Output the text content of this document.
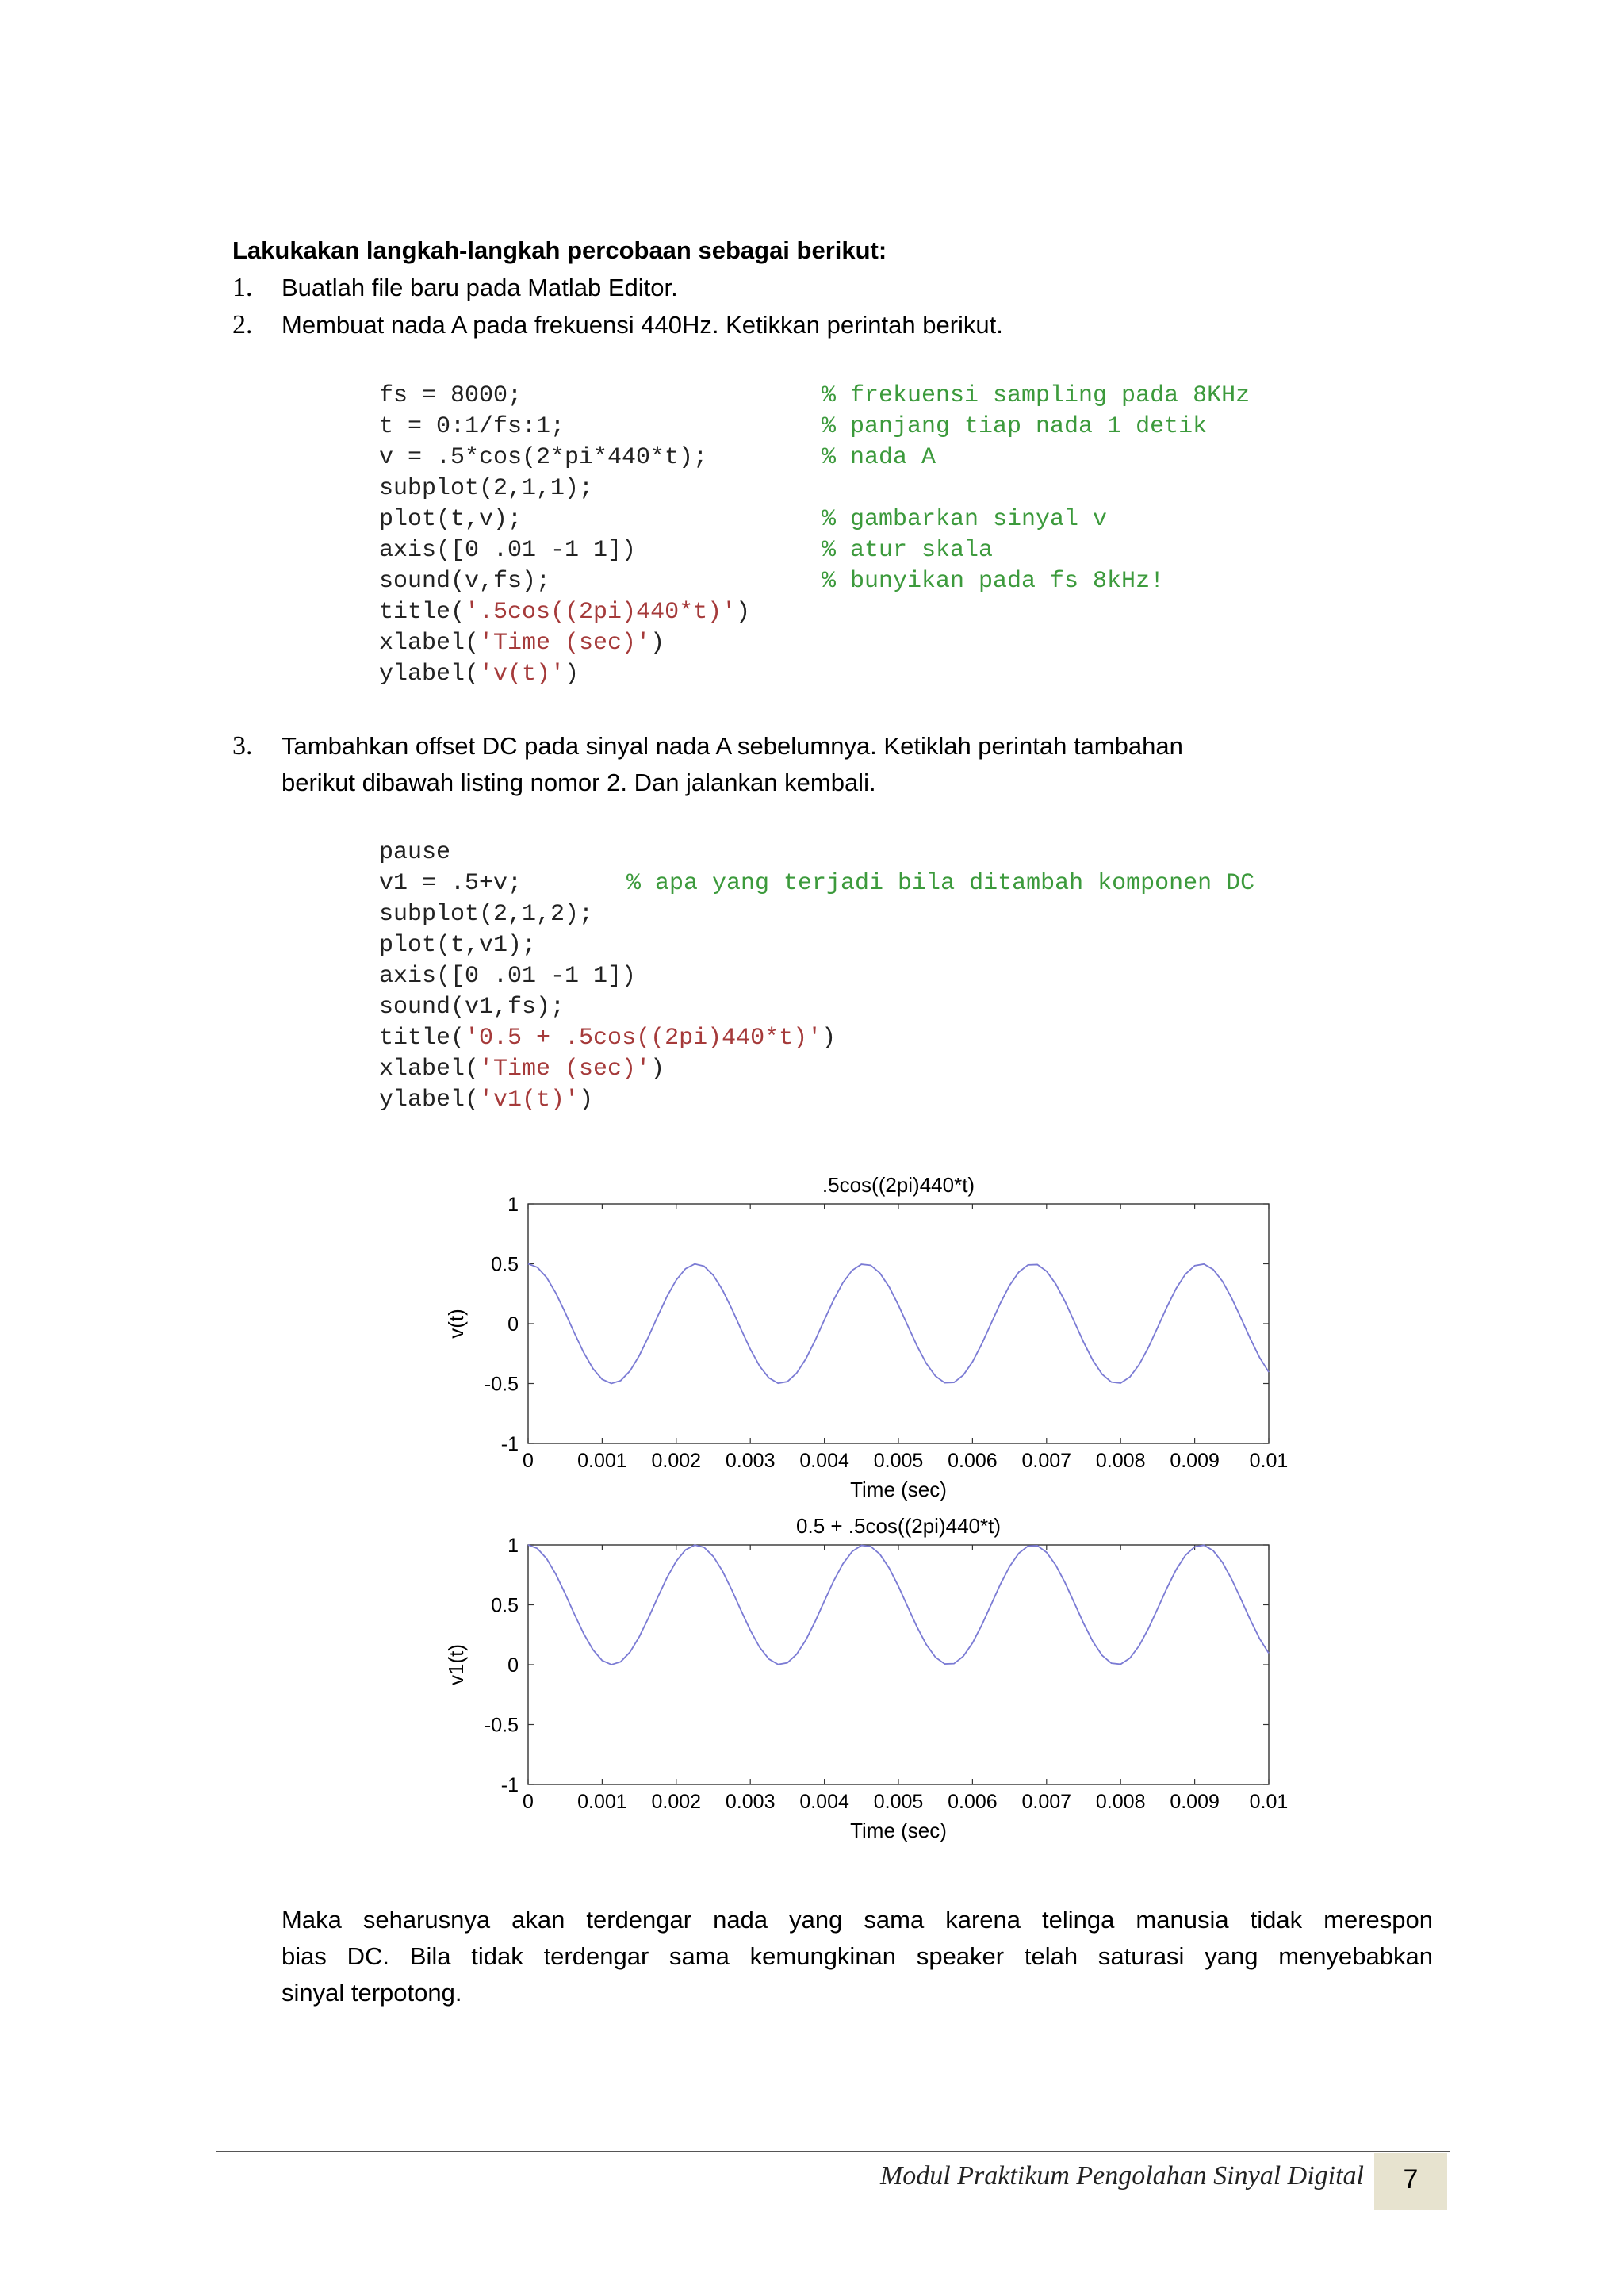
Lakukakan langkah-langkah percobaan sebagai berikut:
1. Buatlah file baru pada Matlab Editor.
2. Membuat nada A pada frekuensi 440Hz. Ketikkan perintah berikut.
fs = 8000;	% frekuensi sampling pada 8KHz
t = 0:1/fs:1;	% panjang tiap nada 1 detik
v = .5*cos(2*pi*440*t);	% nada A
subplot(2,1,1);
plot(t,v);	% gambarkan sinyal v
axis([0 .01 -1 1])	% atur skala
sound(v,fs);	% bunyikan pada fs 8kHz!
title('.5cos((2pi)440*t)')
xlabel('Time (sec)')
ylabel('v(t)')
3. Tambahkan offset DC pada sinyal nada A sebelumnya. Ketiklah perintah tambahan
berikut dibawah listing nomor 2. Dan jalankan kembali.
pause
v1 = .5+v;	% apa yang terjadi bila ditambah komponen DC
subplot(2,1,2);
plot(t,v1);
axis([0 .01 -1 1])
sound(v1,fs);
title('0.5 + .5cos((2pi)440*t)')
xlabel('Time (sec)')
ylabel('v1(t)')
0 0.001 0.002 0.003 0.004 0.005 0.006 0.007 0.008 0.009 0.01
1
0.5
0
-0.5
-1
.5cos((2pi)440*t)
Time (sec)
v(t)
0 0.001 0.002 0.003 0.004 0.005 0.006 0.007 0.008 0.009 0.01
1
0.5
0
-0.5
-1
0.5 + .5cos((2pi)440*t)
Time (sec)
v1(t)
Maka seharusnya akan terdengar nada yang sama karena telinga manusia tidak merespon
bias DC. Bila tidak terdengar sama kemungkinan speaker telah saturasi yang menyebabkan
sinyal terpotong.
Modul Praktikum Pengolahan Sinyal Digital	7
